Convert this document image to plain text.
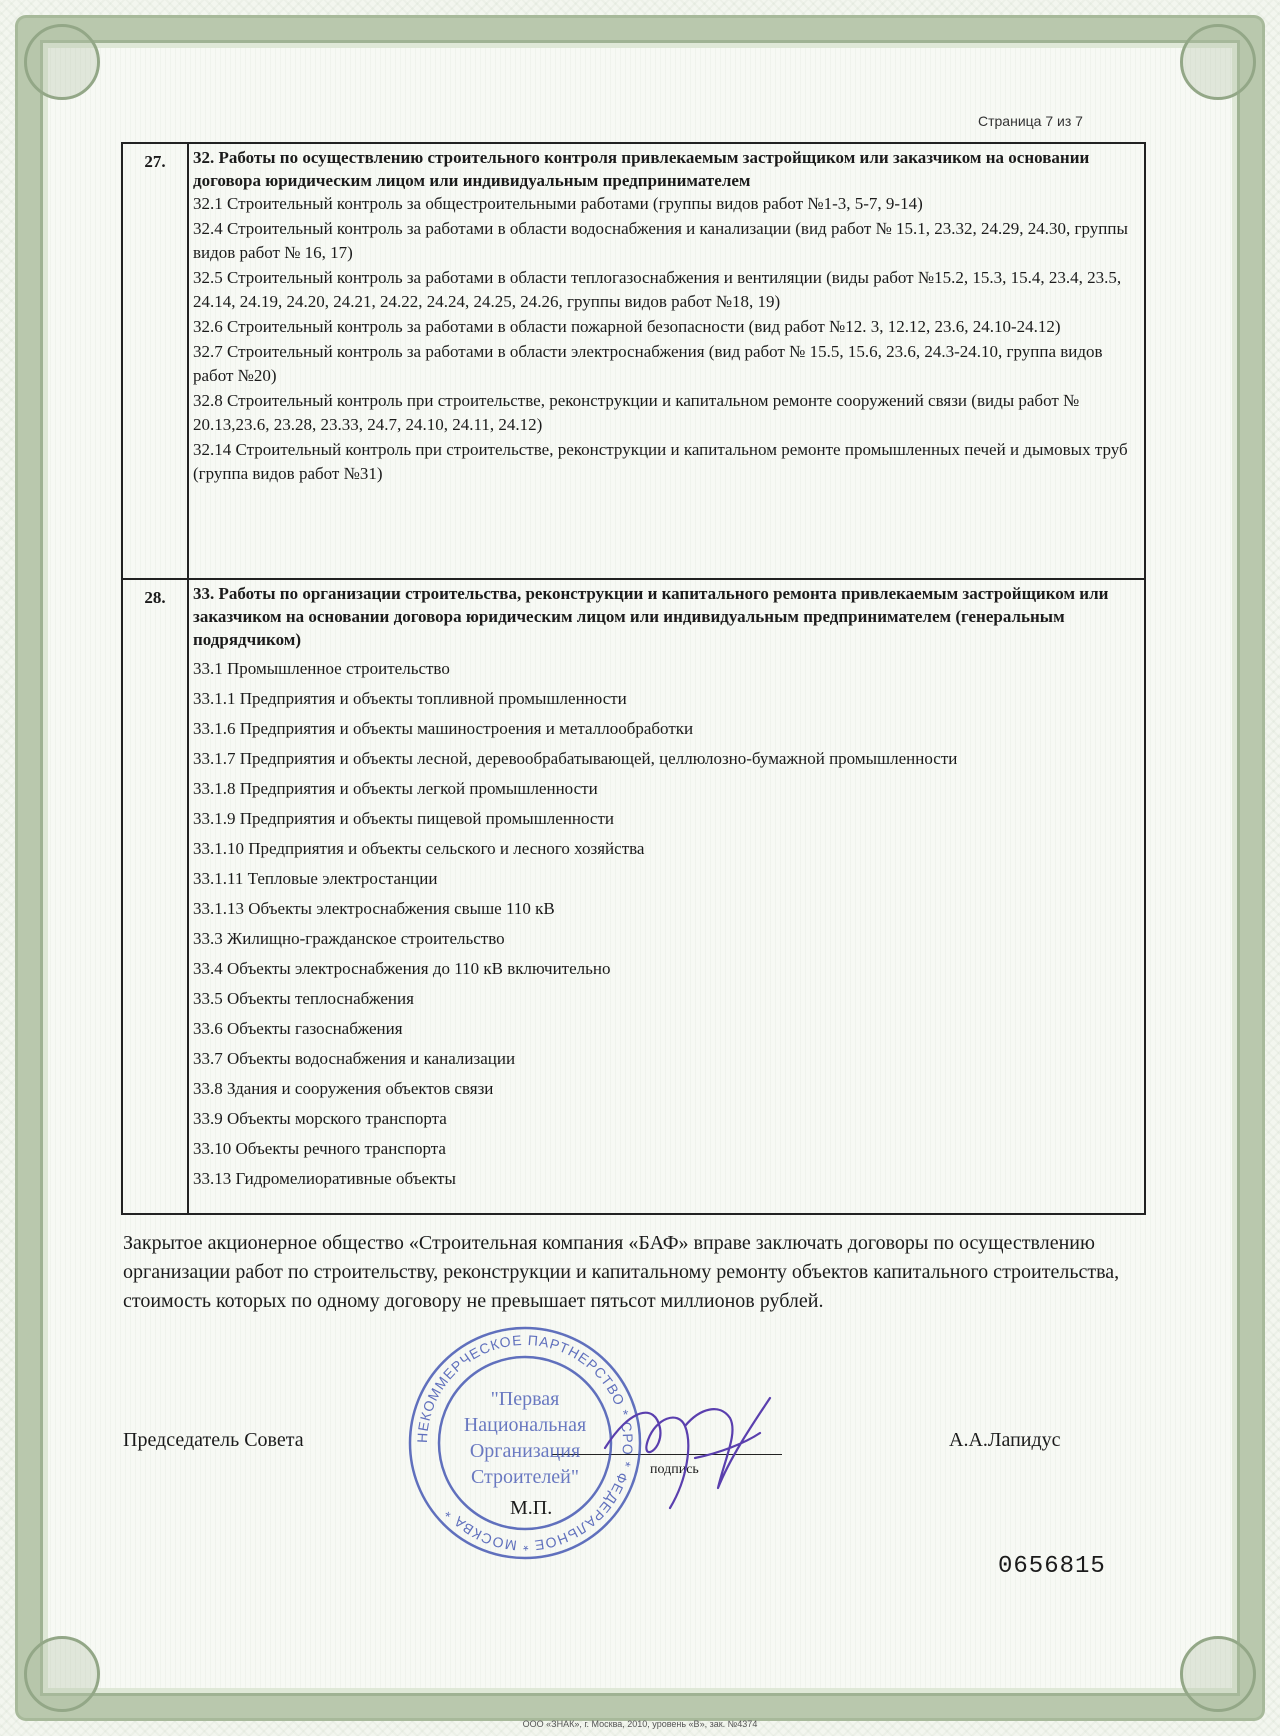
Страница 7 из 7
27.	32. Работы по осуществлению строительного контроля привлекаемым застройщиком или заказчиком на основании договора юридическим лицом или индивидуальным предпринимателем
32.1 Строительный контроль за общестроительными работами (группы видов работ №1-3, 5-7, 9-14)
32.4 Строительный контроль за работами в области водоснабжения и канализации (вид работ № 15.1, 23.32, 24.29, 24.30, группы видов работ № 16, 17)
32.5 Строительный контроль за работами в области теплогазоснабжения и вентиляции (виды работ №15.2, 15.3, 15.4, 23.4, 23.5, 24.14, 24.19, 24.20, 24.21, 24.22, 24.24, 24.25, 24.26, группы видов работ №18, 19)
32.6 Строительный контроль за работами в области пожарной безопасности (вид работ №12. 3, 12.12, 23.6, 24.10-24.12)
32.7 Строительный контроль за работами в области электроснабжения (вид работ № 15.5, 15.6, 23.6, 24.3-24.10, группа видов работ №20)
32.8 Строительный контроль при строительстве, реконструкции и капитальном ремонте сооружений связи (виды работ № 20.13,23.6, 23.28, 23.33, 24.7, 24.10, 24.11, 24.12)
32.14 Строительный контроль при строительстве, реконструкции и капитальном ремонте промышленных печей и дымовых труб (группа видов работ №31)
28.	33. Работы по организации строительства, реконструкции и капитального ремонта привлекаемым застройщиком или заказчиком на основании договора юридическим лицом или индивидуальным предпринимателем (генеральным подрядчиком)
33.1 Промышленное строительство
33.1.1 Предприятия и объекты топливной промышленности
33.1.6 Предприятия и объекты машиностроения и металлообработки
33.1.7 Предприятия и объекты лесной, деревообрабатывающей, целлюлозно-бумажной промышленности
33.1.8 Предприятия и объекты легкой промышленности
33.1.9 Предприятия и объекты пищевой промышленности
33.1.10 Предприятия и объекты сельского и лесного хозяйства
33.1.11 Тепловые электростанции
33.1.13 Объекты электроснабжения свыше 110 кВ
33.3 Жилищно-гражданское строительство
33.4 Объекты электроснабжения до 110 кВ включительно
33.5 Объекты теплоснабжения
33.6 Объекты газоснабжения
33.7 Объекты водоснабжения и канализации
33.8 Здания и сооружения объектов связи
33.9 Объекты морского транспорта
33.10 Объекты речного транспорта
33.13 Гидромелиоративные объекты
Закрытое акционерное общество «Строительная компания «БАФ» вправе заключать договоры по осуществлению организации работ по строительству, реконструкции и капитальному ремонту объектов капитального строительства, стоимость которых по одному договору не превышает пятьсот миллионов рублей.
Председатель Совета
подпись
М.П.
А.А.Лапидус
НЕКОММЕРЧЕСКОЕ ПАРТНЕРСТВО * СРО * ФЕДЕРАЛЬНОЕ * МОСКВА *
"Первая
Национальная
Организация
Строителей"
0656815
ООО «ЗНАК», г. Москва, 2010, уровень «В», зак. №4374
